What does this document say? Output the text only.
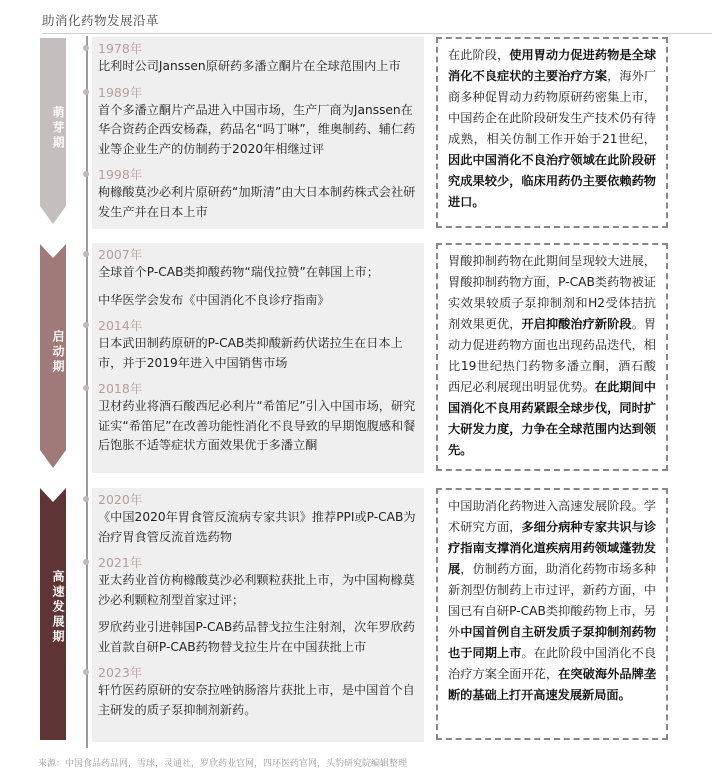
助消化药物发展沿革
萌芽期
启动期
高速发展期
1978年
比利时公司Janssen原研药多潘立酮片在全球范围内上市
1989年
首个多潘立酮片产品进入中国市场，生产厂商为Janssen在华合资药企西安杨森，药品名“吗丁啉”，维奥制药、辅仁药业等企业生产的仿制药于2020年相继过评
1998年
枸橼酸莫沙必利片原研药“加斯清”由大日本制药株式会社研发生产并在日本上市
2007年
全球首个P-CAB类抑酸药物“瑞伐拉赞”在韩国上市；
中华医学会发布《中国消化不良诊疗指南》
2014年
日本武田制药原研的P-CAB类抑酸新药伏诺拉生在日本上市，并于2019年进入中国销售市场
2018年
卫材药业将酒石酸西尼必利片“希笛尼”引入中国市场，研究证实“希笛尼”在改善功能性消化不良导致的早期饱腹感和餐后饱胀不适等症状方面效果优于多潘立酮
2020年
《中国2020年胃食管反流病专家共识》推荐PPI或P-CAB为治疗胃食管反流首选药物
2021年
亚太药业首仿枸橼酸莫沙必利颗粒获批上市，为中国枸橼莫沙必利颗粒剂型首家过评；
罗欣药业引进韩国P-CAB药品替戈拉生注射剂，次年罗欣药业首款自研P-CAB药物替戈拉生片在中国获批上市
2023年
轩竹医药原研的安奈拉唑钠肠溶片获批上市，是中国首个自主研发的质子泵抑制剂新药。
在此阶段，使用胃动力促进药物是全球消化不良症状的主要治疗方案，海外厂商多种促胃动力药物原研药密集上市，中国药企在此阶段研发生产技术仍有待成熟，相关仿制工作开始于21世纪，因此中国消化不良治疗领域在此阶段研究成果较少，临床用药仍主要依赖药物进口。
胃酸抑制药物在此期间呈现较大进展，胃酸抑制药物方面，P-CAB类药物被证实效果较质子泵抑制剂和H2受体拮抗剂效果更优，开启抑酸治疗新阶段。胃动力促进药物方面也出现药品迭代，相比19世纪热门药物多潘立酮，酒石酸西尼必利展现出明显优势。在此期间中国消化不良用药紧跟全球步伐，同时扩大研发力度，力争在全球范围内达到领先。
中国助消化药物进入高速发展阶段。学术研究方面，多细分病种专家共识与诊疗指南支撑消化道疾病用药领域蓬勃发展，仿制药方面，助消化药物市场多种新剂型仿制药上市过评，新药方面，中国已有自研P-CAB类抑酸药物上市，另外中国首例自主研发质子泵抑制剂药物也于同期上市。在此阶段中国消化不良治疗方案全面开花，在突破海外品牌垄断的基础上打开高速发展新局面。
来源：中国食品药品网，雪球，灵通社，罗欣药业官网，四环医药官网，头豹研究院编辑整理
